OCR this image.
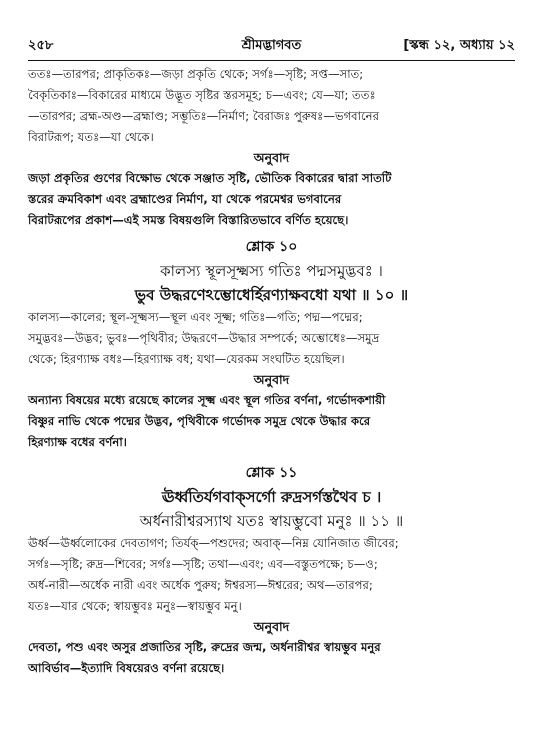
২৫৮	শ্রীমদ্ভাগবত	[স্কন্ধ ১২, অধ্যায় ১২

ততঃ—তারপর; প্রাকৃতিকঃ—জড়া প্রকৃতি থেকে; সর্গঃ—সৃষ্টি; সপ্ত—সাত;

বৈকৃতিকাঃ—বিকারের মাধ্যমে উদ্ভূত সৃষ্টির স্তরসমূহ; চ—এবং; যে—যা; ততঃ

—তারপর; ব্রহ্ম-অণ্ড—ব্রহ্মাণ্ড; সম্ভূতিঃ—নির্মাণ; বৈরাজঃ পুরুষঃ—ভগবানের

বিরাটরূপ; যতঃ—যা থেকে।

অনুবাদ

জড়া প্রকৃতির গুণের বিক্ষোভ থেকে সঞ্জাত সৃষ্টি, ভৌতিক বিকারের দ্বারা সাতটি

স্তরের ক্রমবিকাশ এবং ব্রহ্মাণ্ডের নির্মাণ, যা থেকে পরমেশ্বর ভগবানের

বিরাটরূপের প্রকাশ—এই সমস্ত বিষয়গুলি বিস্তারিতভাবে বর্ণিত হয়েছে।

শ্লোক ১০

কালস্য স্থূলসূক্ষ্মস্য গতিঃ পদ্মসমুদ্ভবঃ ।

ভুব উদ্ধরণেঽম্ভোধের্হিরণ্যাক্ষবধো যথা ॥ ১০ ॥

কালস্য—কালের; স্থূল-সূক্ষ্মস্য—স্থূল এবং সূক্ষ্ম; গতিঃ—গতি; পদ্ম—পদ্মের;

সমুদ্ভবঃ—উদ্ভব; ভুবঃ—পৃথিবীর; উদ্ধরণে—উদ্ধার সম্পর্কে; অম্ভোধেঃ—সমুদ্র

থেকে; হিরণ্যাক্ষ বধঃ—হিরণ্যাক্ষ বধ; যথা—যেরকম সংঘটিত হয়েছিল।

অনুবাদ

অন্যান্য বিষয়ের মধ্যে রয়েছে কালের সূক্ষ্ম এবং স্থূল গতির বর্ণনা, গর্ভোদকশায়ী

বিষ্ণুর নাভি থেকে পদ্মের উদ্ভব, পৃথিবীকে গর্ভোদক সমুদ্র থেকে উদ্ধার করে

হিরণ্যাক্ষ বধের বর্ণনা।

শ্লোক ১১

ঊর্ধ্বতির্যগবাক্‌সর্গো রুদ্রসর্গস্তথৈব চ ।

অর্ধনারীশ্বরস্যাথ যতঃ স্বায়ম্ভুবো মনুঃ ॥ ১১ ॥

ঊর্ধ্ব—ঊর্ধ্বলোকের দেবতাগণ; তির্যক্—পশুদের; অবাক্—নিম্ন যোনিজাত জীবের;

সর্গঃ—সৃষ্টি; রুদ্র—শিবের; সর্গঃ—সৃষ্টি; তথা—এবং; এব—বস্তুতপক্ষে; চ—ও;

অর্ধ-নারী—অর্ধেক নারী এবং অর্ধেক পুরুষ; ঈশ্বরস্য—ঈশ্বরের; অথ—তারপর;

যতঃ—যার থেকে; স্বায়ম্ভুবঃ মনুঃ—স্বায়ম্ভুব মনু।

অনুবাদ

দেবতা, পশু এবং অসুর প্রজাতির সৃষ্টি, রুদ্রের জন্ম, অর্ধনারীশ্বর স্বায়ম্ভুব মনুর

আবির্ভাব—ইত্যাদি বিষয়েরও বর্ণনা রয়েছে।
